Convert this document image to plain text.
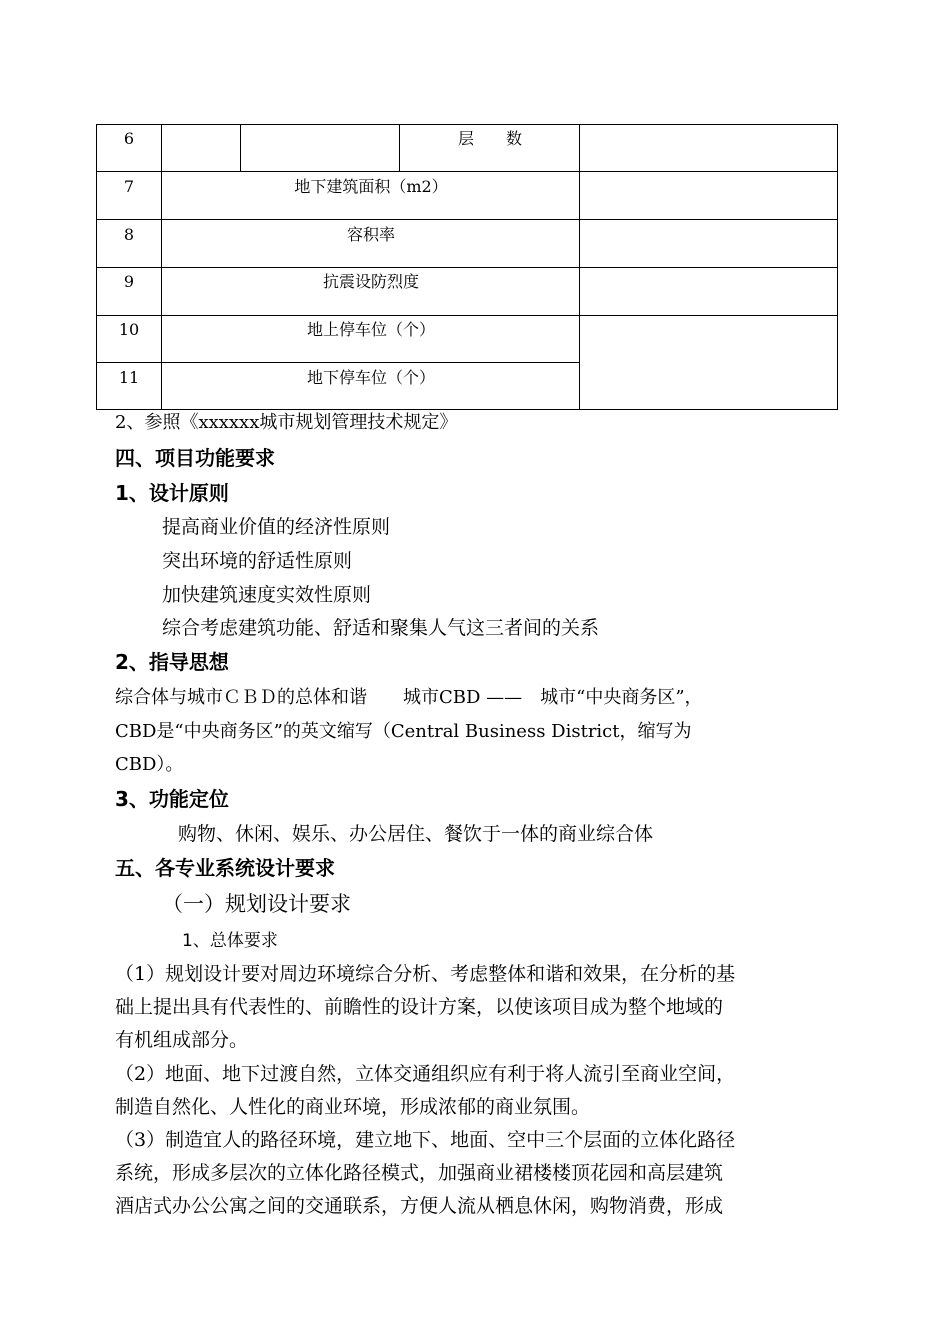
6	层　　数
7	地下建筑面积（m2）
8	容积率
9	抗震设防烈度
10	地上停车位（个）
11	地下停车位（个）
2、参照《xxxxxx城市规划管理技术规定》
四、项目功能要求
1、设计原则
提高商业价值的经济性原则
突出环境的舒适性原则
加快建筑速度实效性原则
综合考虑建筑功能、舒适和聚集人气这三者间的关系
2、指导思想
综合体与城市ＣＢＤ的总体和谐　　城市CBD ——　城市“中央商务区”，
CBD是“中央商务区”的英文缩写（Central Business District，缩写为
CBD）。
3、功能定位
购物、休闲、娱乐、办公居住、餐饮于一体的商业综合体
五、各专业系统设计要求
（一）规划设计要求
1、总体要求
（1）规划设计要对周边环境综合分析、考虑整体和谐和效果，在分析的基
础上提出具有代表性的、前瞻性的设计方案，以使该项目成为整个地域的
有机组成部分。
（2）地面、地下过渡自然，立体交通组织应有利于将人流引至商业空间，
制造自然化、人性化的商业环境，形成浓郁的商业氛围。
（3）制造宜人的路径环境，建立地下、地面、空中三个层面的立体化路径
系统，形成多层次的立体化路径模式，加强商业裙楼楼顶花园和高层建筑
酒店式办公公寓之间的交通联系，方便人流从栖息休闲，购物消费，形成
